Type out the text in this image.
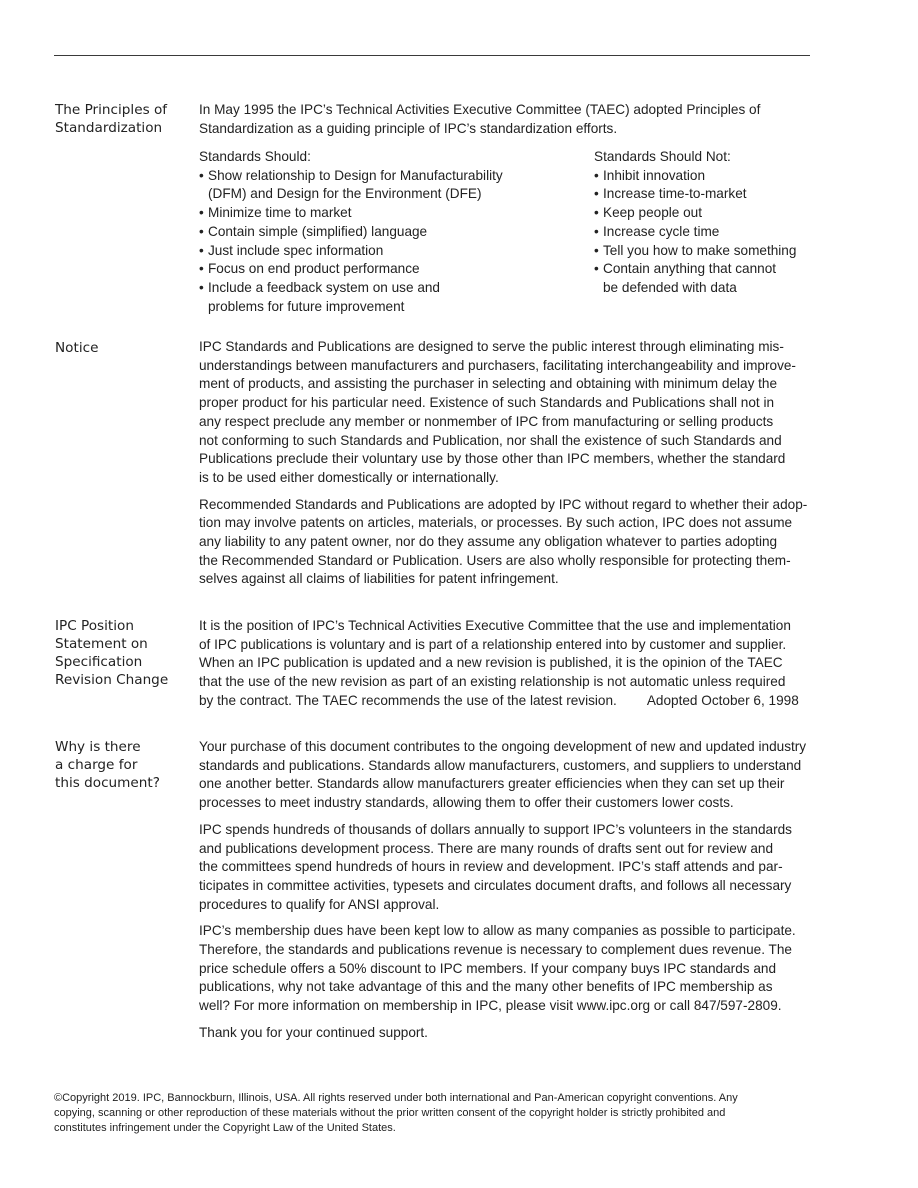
The Principles of
Standardization
In May 1995 the IPC’s Technical Activities Executive Committee (TAEC) adopted Principles of
Standardization as a guiding principle of IPC’s standardization efforts.
Standards Should:
• Show relationship to Design for Manufacturability
(DFM) and Design for the Environment (DFE)
• Minimize time to market
• Contain simple (simplified) language
• Just include spec information
• Focus on end product performance
• Include a feedback system on use and
problems for future improvement
Standards Should Not:
• Inhibit innovation
• Increase time-to-market
• Keep people out
• Increase cycle time
• Tell you how to make something
• Contain anything that cannot
be defended with data
Notice	IPC Standards and Publications are designed to serve the public interest through eliminating mis-
understandings between manufacturers and purchasers, facilitating interchangeability and improve-
ment of products, and assisting the purchaser in selecting and obtaining with minimum delay the
proper product for his particular need. Existence of such Standards and Publications shall not in
any respect preclude any member or nonmember of IPC from manufacturing or selling products
not conforming to such Standards and Publication, nor shall the existence of such Standards and
Publications preclude their voluntary use by those other than IPC members, whether the standard
is to be used either domestically or internationally.
Recommended Standards and Publications are adopted by IPC without regard to whether their adop-
tion may involve patents on articles, materials, or processes. By such action, IPC does not assume
any liability to any patent owner, nor do they assume any obligation whatever to parties adopting
the Recommended Standard or Publication. Users are also wholly responsible for protecting them-
selves against all claims of liabilities for patent infringement.
IPC Position
Statement on
Specification
Revision Change
It is the position of IPC’s Technical Activities Executive Committee that the use and implementation
of IPC publications is voluntary and is part of a relationship entered into by customer and supplier.
When an IPC publication is updated and a new revision is published, it is the opinion of the TAEC
that the use of the new revision as part of an existing relationship is not automatic unless required
by the contract. The TAEC recommends the use of the latest revision. Adopted October 6, 1998
Why is there
a charge for
this document?
Your purchase of this document contributes to the ongoing development of new and updated industry
standards and publications. Standards allow manufacturers, customers, and suppliers to understand
one another better. Standards allow manufacturers greater efficiencies when they can set up their
processes to meet industry standards, allowing them to offer their customers lower costs.
IPC spends hundreds of thousands of dollars annually to support IPC’s volunteers in the standards
and publications development process. There are many rounds of drafts sent out for review and
the committees spend hundreds of hours in review and development. IPC’s staff attends and par-
ticipates in committee activities, typesets and circulates document drafts, and follows all necessary
procedures to qualify for ANSI approval.
IPC’s membership dues have been kept low to allow as many companies as possible to participate.
Therefore, the standards and publications revenue is necessary to complement dues revenue. The
price schedule offers a 50% discount to IPC members. If your company buys IPC standards and
publications, why not take advantage of this and the many other benefits of IPC membership as
well? For more information on membership in IPC, please visit www.ipc.org or call 847/597-2809.
Thank you for your continued support.
©Copyright 2019. IPC, Bannockburn, Illinois, USA. All rights reserved under both international and Pan-American copyright conventions. Any
copying, scanning or other reproduction of these materials without the prior written consent of the copyright holder is strictly prohibited and
constitutes infringement under the Copyright Law of the United States.
